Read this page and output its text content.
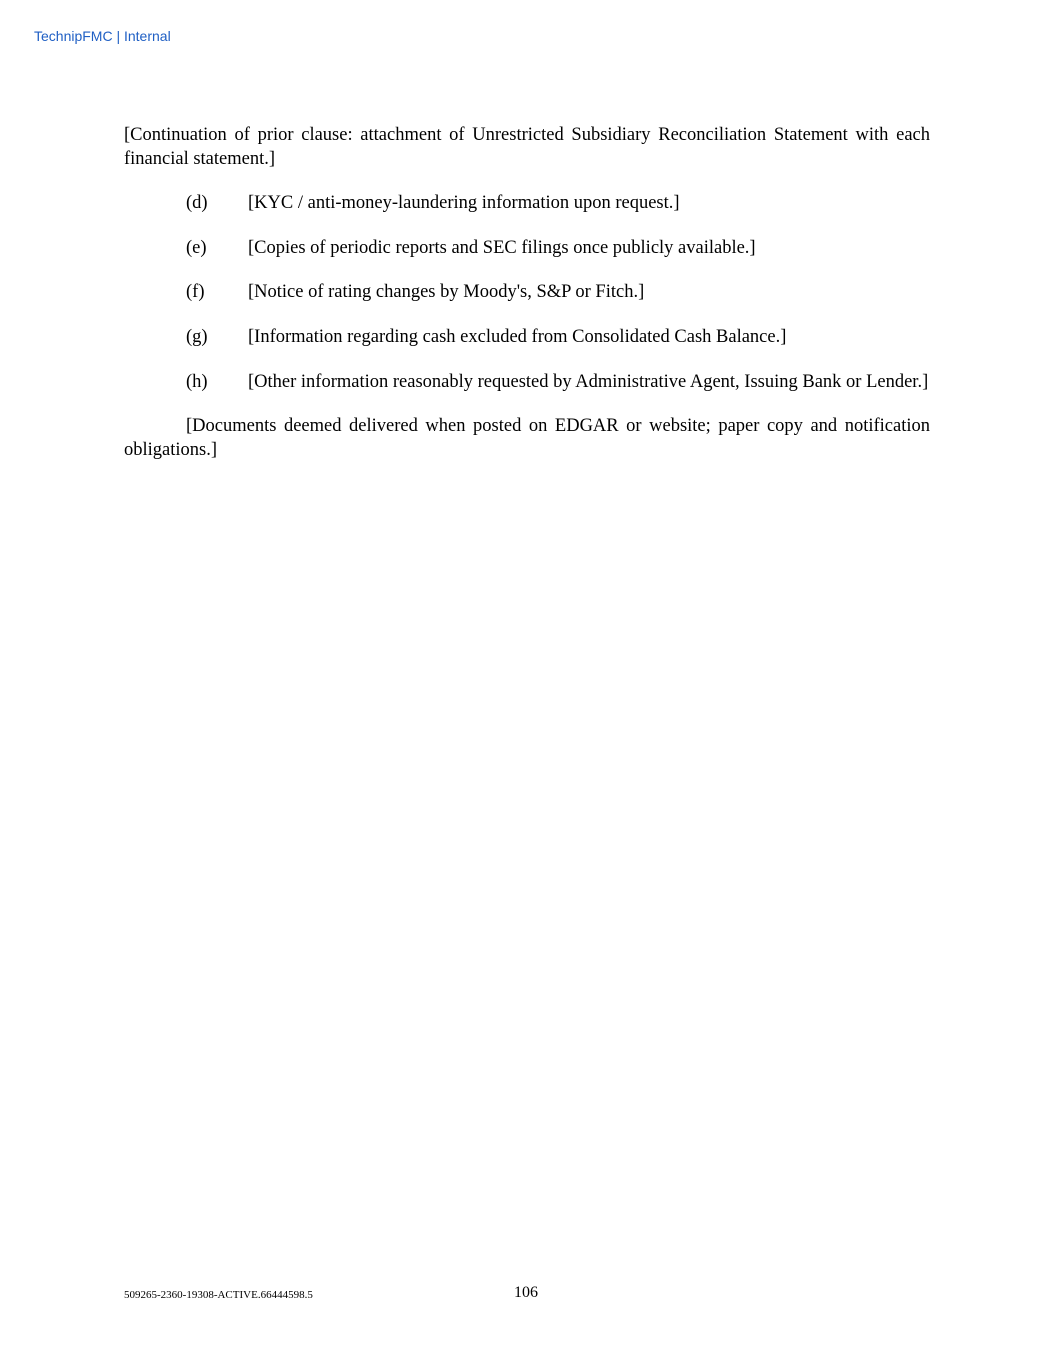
TechnipFMC | Internal

[Continuation of prior clause: attachment of Unrestricted Subsidiary Reconciliation Statement with each financial statement.]

(d) [KYC / anti-money-laundering information upon request.]

(e) [Copies of periodic reports and SEC filings once publicly available.]

(f) [Notice of rating changes by Moody's, S&P or Fitch.]

(g) [Information regarding cash excluded from Consolidated Cash Balance.]

(h) [Other information reasonably requested by Administrative Agent, Issuing Bank or Lender.]

[Documents deemed delivered when posted on EDGAR or website; paper copy and notification obligations.]

509265-2360-19308-ACTIVE.66444598.5	106
